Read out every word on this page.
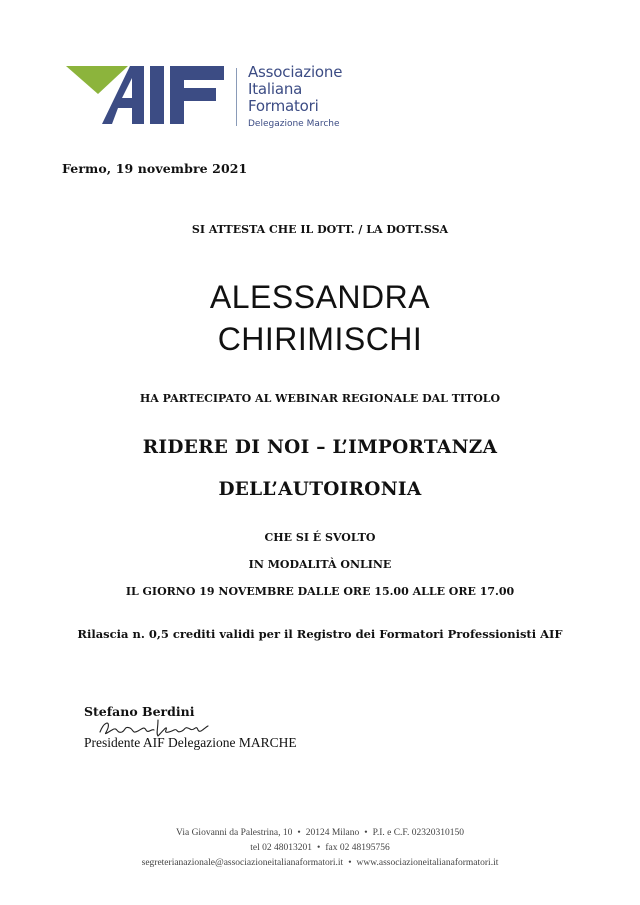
Associazione
Italiana
Formatori
Delegazione Marche
Fermo, 19 novembre 2021
SI ATTESTA CHE IL DOTT. / LA DOTT.SSA
ALESSANDRA
CHIRIMISCHI
HA PARTECIPATO AL WEBINAR REGIONALE DAL TITOLO
RIDERE DI NOI – L’IMPORTANZA
DELL’AUTOIRONIA
CHE SI É SVOLTO
IN MODALITÀ ONLINE
IL GIORNO 19 NOVEMBRE DALLE ORE 15.00 ALLE ORE 17.00
Rilascia n. 0,5 crediti validi per il Registro dei Formatori Professionisti AIF
Stefano Berdini
Presidente AIF Delegazione MARCHE
Via Giovanni da Palestrina, 10 • 20124 Milano • P.I. e C.F. 02320310150
tel 02 48013201 • fax 02 48195756
segreterianazionale@associazioneitalianaformatori.it • www.associazioneitalianaformatori.it
